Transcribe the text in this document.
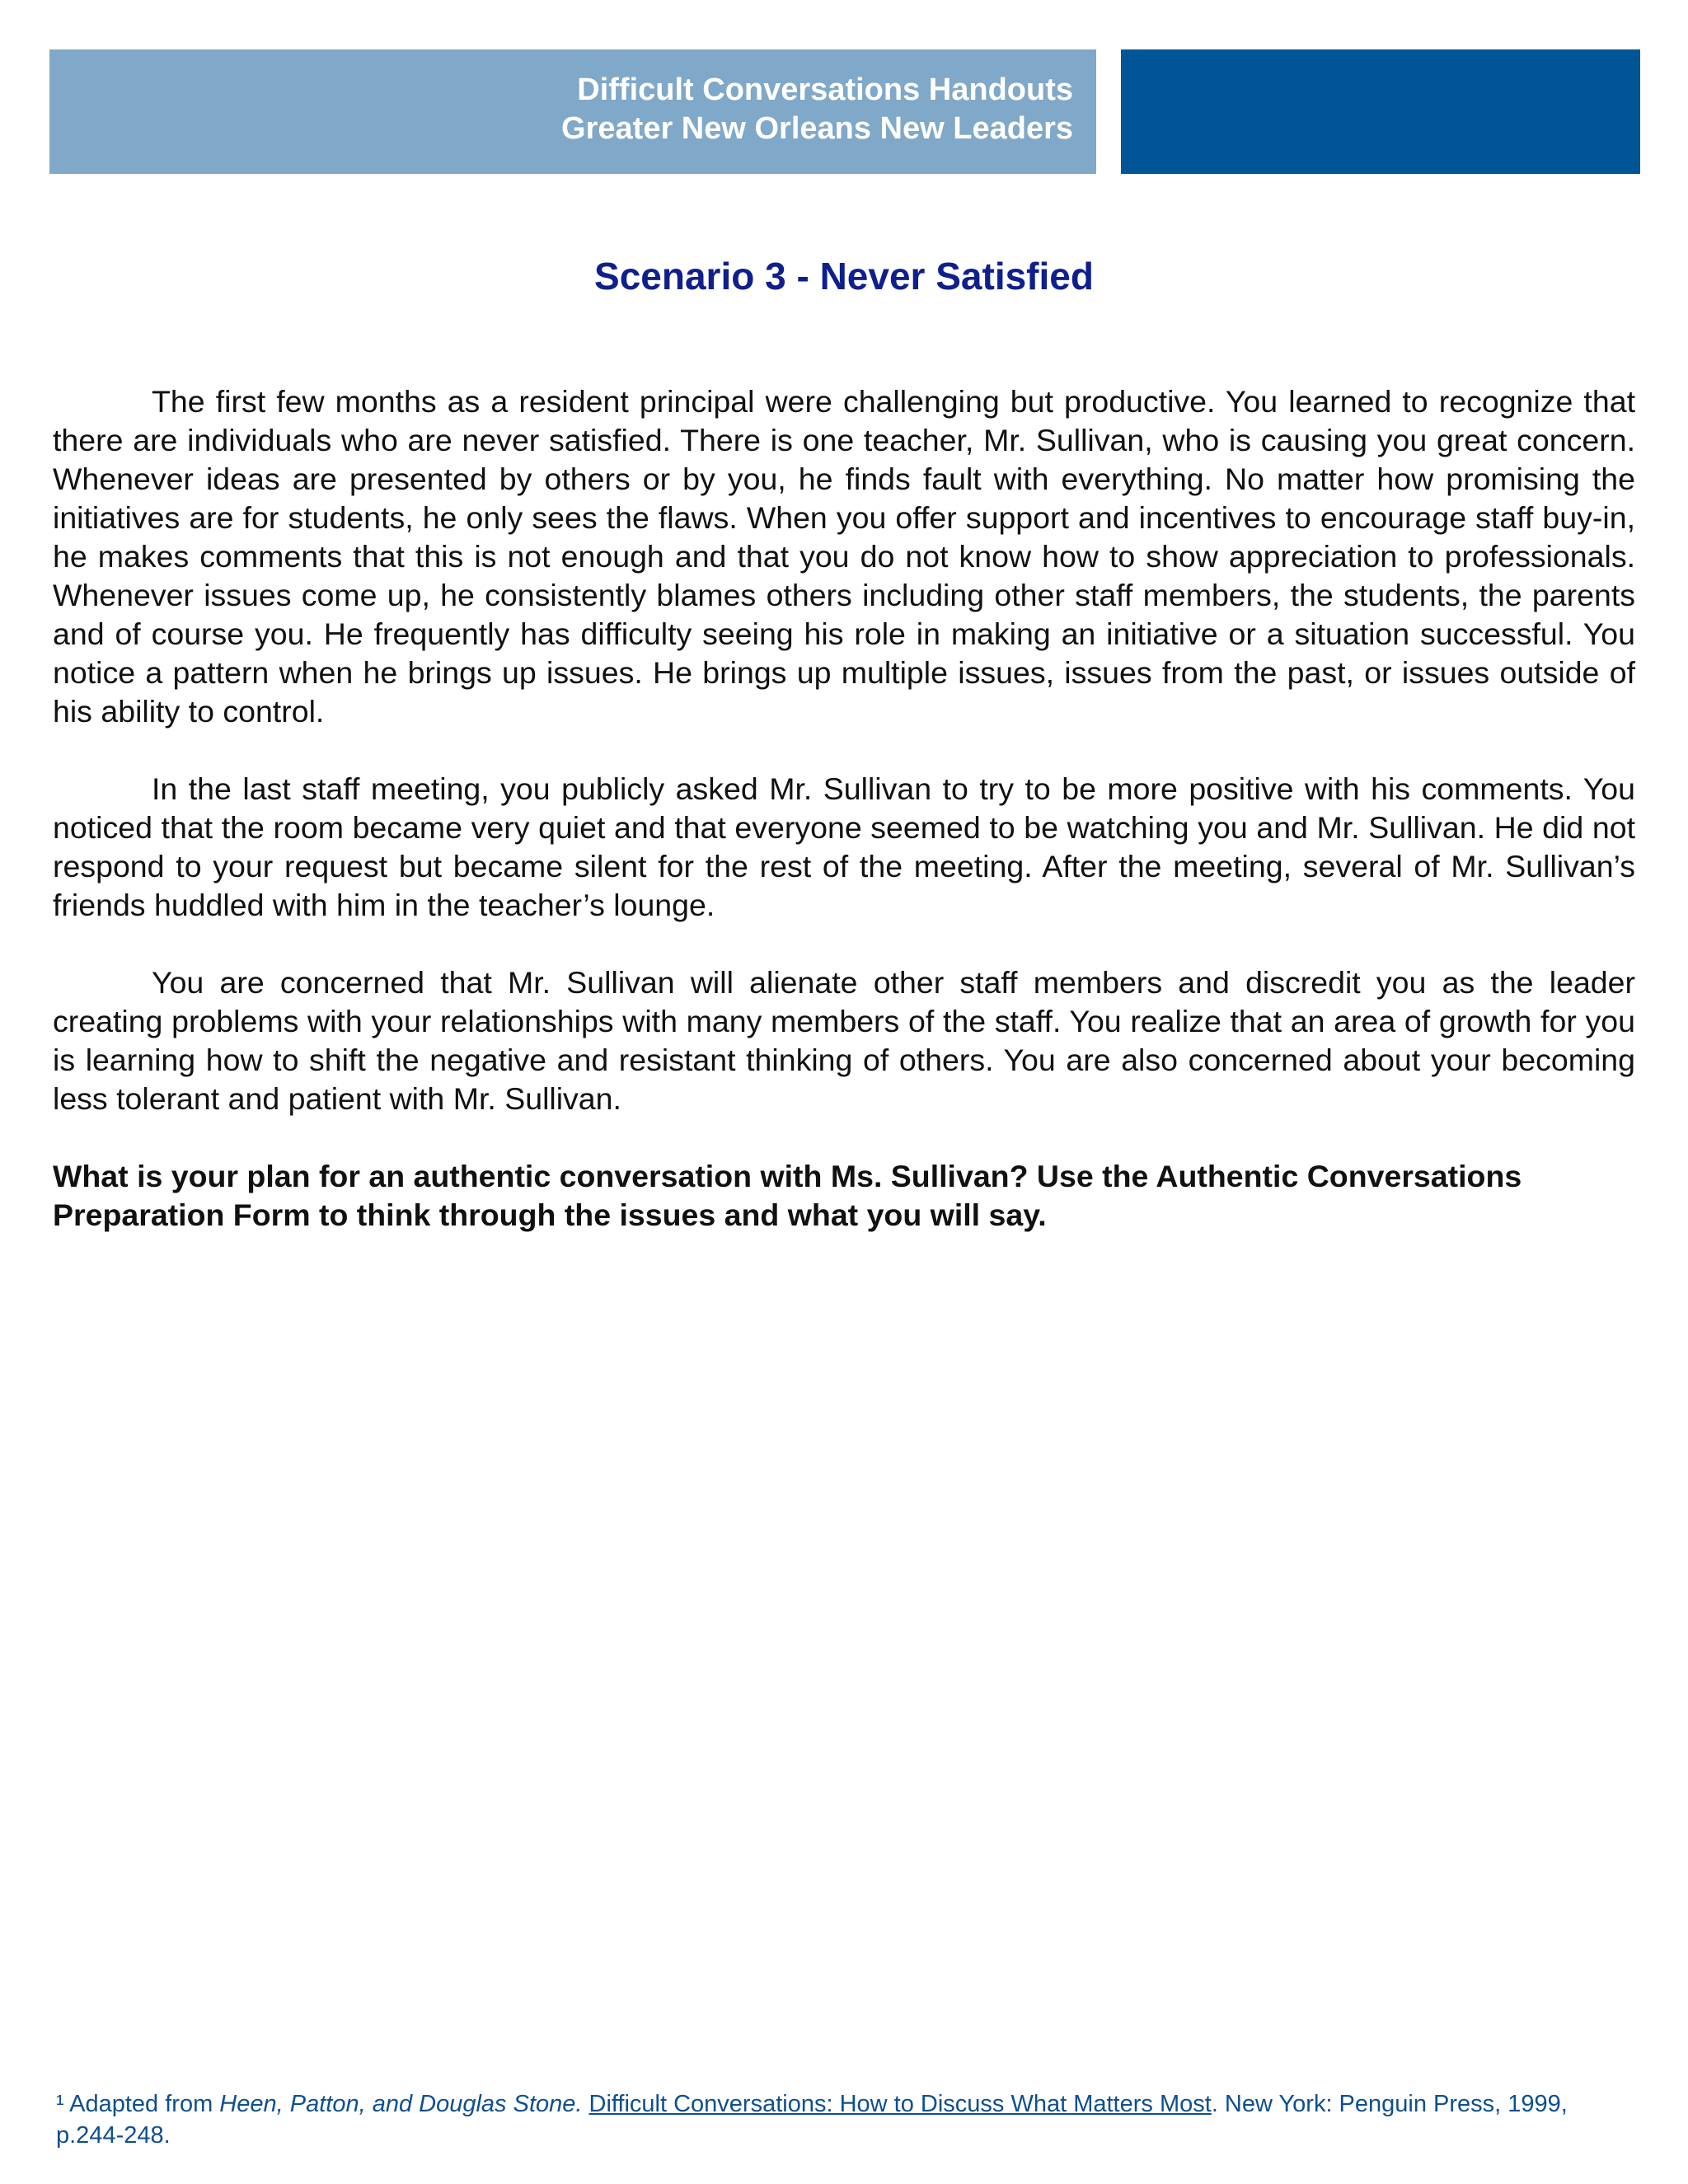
Difficult Conversations Handouts
Greater New Orleans New Leaders
Scenario 3 - Never Satisfied

The first few months as a resident principal were challenging but productive. You learned to recognize that there are individuals who are never satisfied. There is one teacher, Mr. Sullivan, who is causing you great concern. Whenever ideas are presented by others or by you, he finds fault with everything. No matter how promising the initiatives are for students, he only sees the flaws. When you offer support and incentives to encourage staff buy-in, he makes comments that this is not enough and that you do not know how to show appreciation to professionals. Whenever issues come up, he consistently blames others including other staff members, the students, the parents and of course you. He frequently has difficulty seeing his role in making an initiative or a situation successful. You notice a pattern when he brings up issues. He brings up multiple issues, issues from the past, or issues outside of his ability to control.

In the last staff meeting, you publicly asked Mr. Sullivan to try to be more positive with his comments. You noticed that the room became very quiet and that everyone seemed to be watching you and Mr. Sullivan. He did not respond to your request but became silent for the rest of the meeting. After the meeting, several of Mr. Sullivan’s friends huddled with him in the teacher’s lounge.

You are concerned that Mr. Sullivan will alienate other staff members and discredit you as the leader creating problems with your relationships with many members of the staff. You realize that an area of growth for you is learning how to shift the negative and resistant thinking of others. You are also concerned about your becoming less tolerant and patient with Mr. Sullivan.

What is your plan for an authentic conversation with Ms. Sullivan? Use the Authentic Conversations Preparation Form to think through the issues and what you will say.

¹ Adapted from Heen, Patton, and Douglas Stone. Difficult Conversations: How to Discuss What Matters Most. New York: Penguin Press, 1999, p.244-248.
